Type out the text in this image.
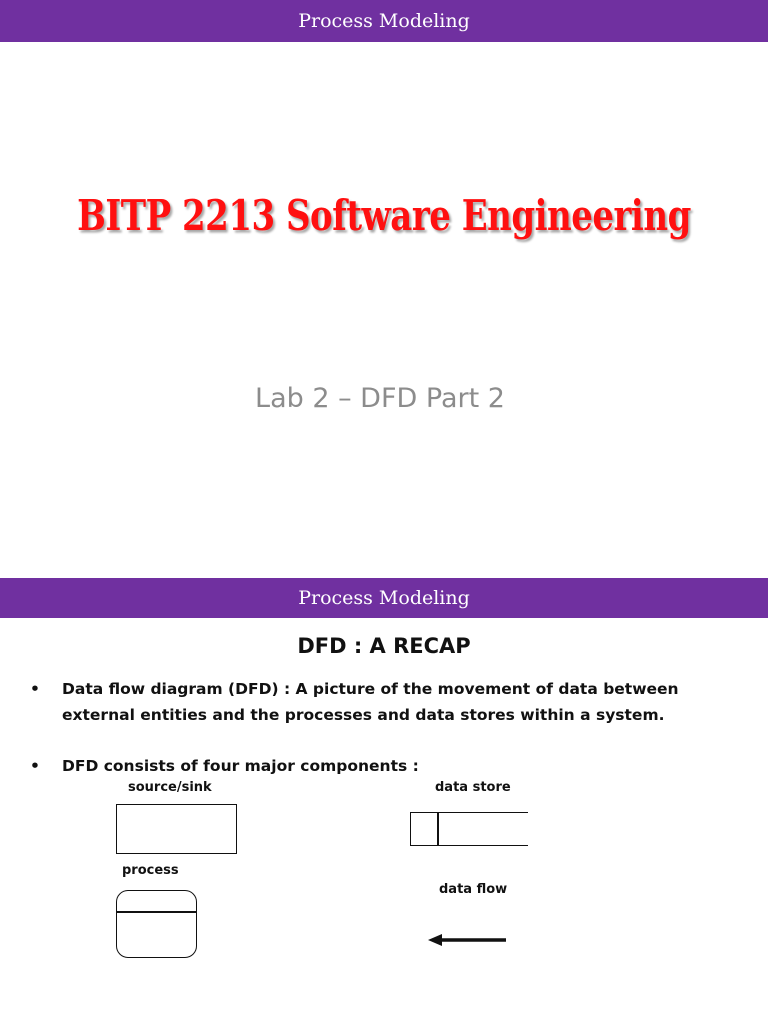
Process Modeling
BITP 2213 Software Engineering
Lab 2 – DFD Part 2
Process Modeling
DFD : A RECAP
• Data flow diagram (DFD) : A picture of the movement of data between external entities and the processes and data stores within a system.
• DFD consists of four major components :
source/sink	data store
process
data flow
